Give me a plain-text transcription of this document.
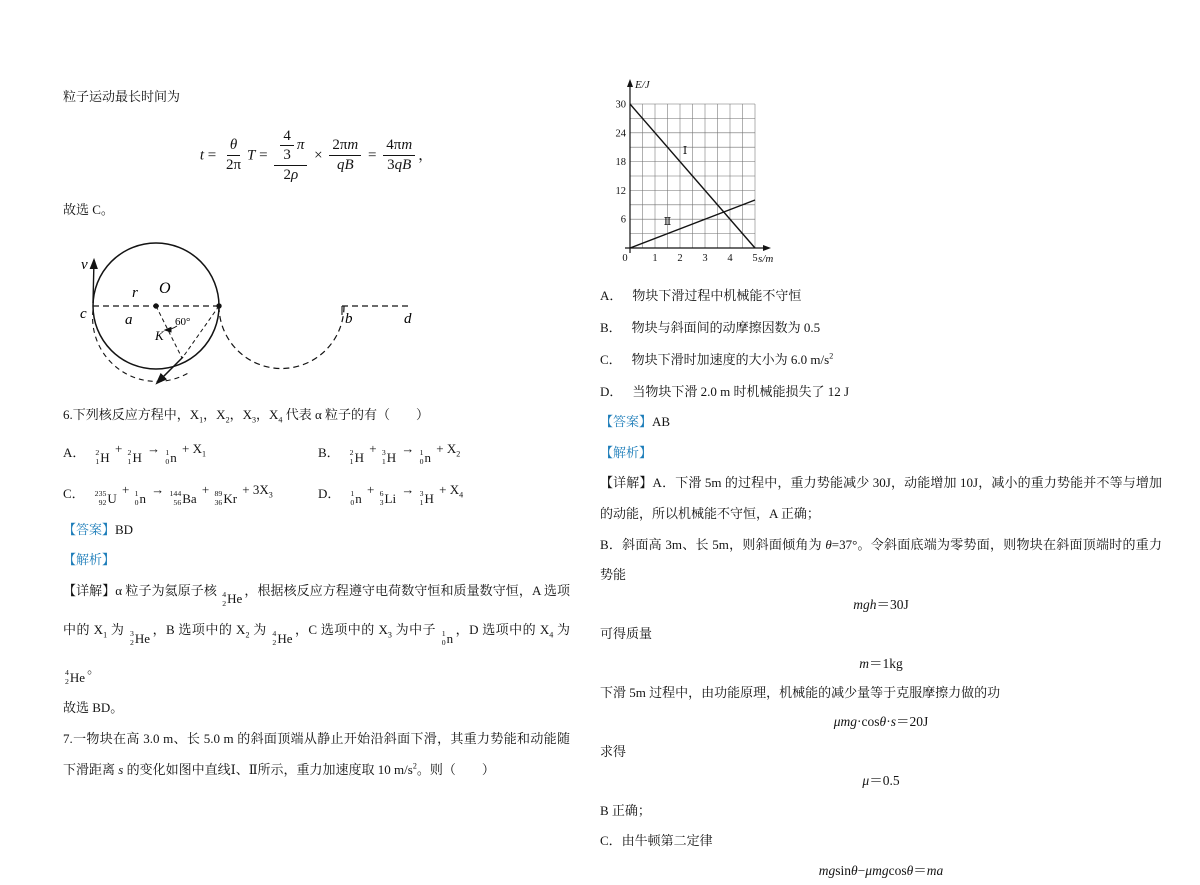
粒子运动最长时间为

$t = \frac{\theta}{2\pi}$ $T = \frac{\frac{4}{3} \pi}{2 \rho} \times \frac{\text{2π m}}{qB} = \frac{\text{4π m}}{3 qB}$ ，

故选 C。

v
c
r
a
O
60°
K
b	d

6.下列核反应方程中，$X_1$，$X_2$，$X_3$，$X_4$ 代表 α 粒子的有（　　）

A． 2
1 H
+ 2
1 H
→ 1
0 n
+ $X_1$	B． 2
1 H
+ 3
1 H
→ 1
0 n
+ $X_2$
C． 235
92 U
+ 1
0 n
→ 144
56 Ba
+ 89
36 Kr
+ $3X_3$	D． 1
0 n
+ 6
3 Li
→ 3
1 H
+ $X_4$

【答案】BD

【解析】

【详解】α 粒子为氦原子核 4
2 He
，根据核反应方程遵守电荷数守恒和质量数守恒，A 选项中的 $X_1$ 为 3
2 He
，B 选项中的 $X_2$ 为 4
2 He
，C 选项中的 $X_3$ 为中子 1
0 n
，D 选项中的 $X_4$ 为
4
2 He
。

故选 BD。

7.一物块在高 3.0 m、长 5.0 m 的斜面顶端从静止开始沿斜面下滑，其重力势能和动能随下滑距离 s 的变化如图中直线Ⅰ、Ⅱ所示，重力加速度取 10 $m/s^2$。则（　　）

E/J
s/m
6
12
18
24
30
0 1 2 3 4 5
Ⅰ
Ⅱ
A． 物块下滑过程中机械能不守恒
B． 物块与斜面间的动摩擦因数为 0.5
C． 物块下滑时加速度的大小为 6.0 $m/s^2$
D． 当物块下滑 2.0 m 时机械能损失了 12 J

【答案】AB

【解析】

【详解】A．下滑 5m 的过程中，重力势能减少 30J，动能增加 10J，减小的重力势能并不等与增加的动能，所以机械能不守恒，A 正确；

B．斜面高 3m、长 5m，则斜面倾角为 θ=37°。令斜面底端为零势面，则物块在斜面顶端时的重力势能

mgh＝30J

可得质量

m＝1kg

下滑 5m 过程中，由功能原理，机械能的减少量等于克服摩擦力做的功

μmg·cosθ·s＝20J

求得

μ＝0.5

B 正确；

C．由牛顿第二定律

mgsinθ−μmgcosθ＝ma
